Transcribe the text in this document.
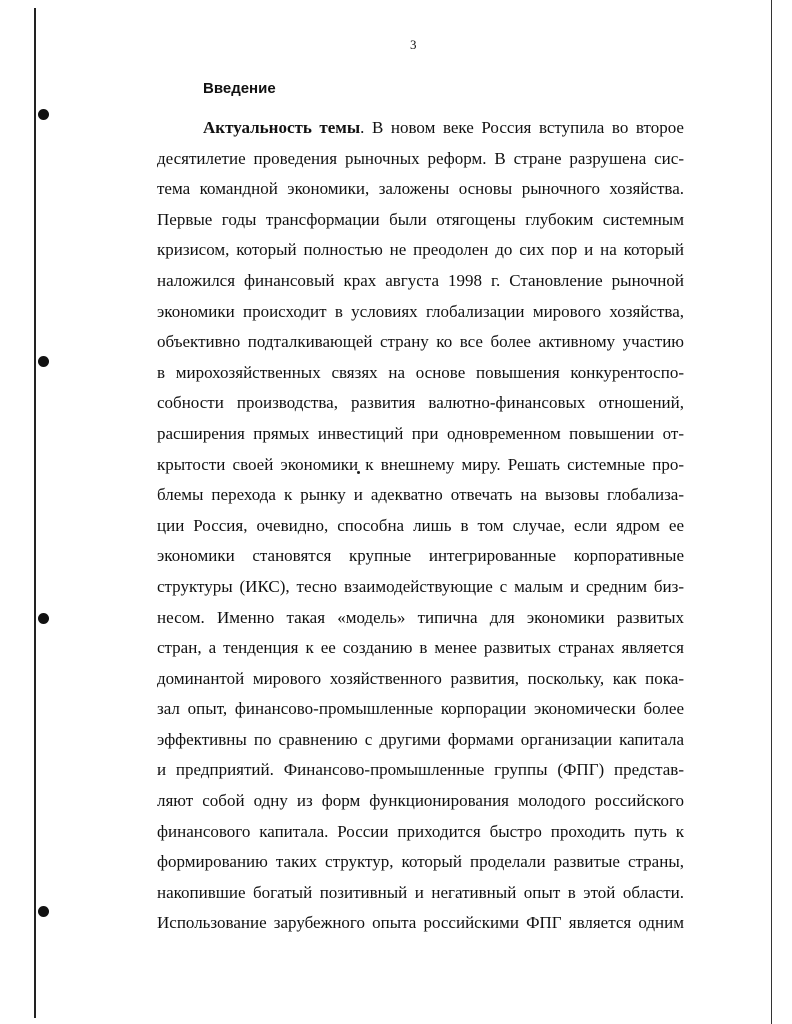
3
Введение
Актуальность темы. В новом веке Россия вступила во второе
десятилетие проведения рыночных реформ. В стране разрушена сис-
тема командной экономики, заложены основы рыночного хозяйства.
Первые годы трансформации были отягощены глубоким системным
кризисом, который полностью не преодолен до сих пор и на который
наложился финансовый крах августа 1998 г. Становление рыночной
экономики происходит в условиях глобализации мирового хозяйства,
объективно подталкивающей страну ко все более активному участию
в мирохозяйственных связях на основе повышения конкурентоспо-
собности производства, развития валютно-финансовых отношений,
расширения прямых инвестиций при одновременном повышении от-
крытости своей экономики к внешнему миру. Решать системные про-
блемы перехода к рынку и адекватно отвечать на вызовы глобализа-
ции Россия, очевидно, способна лишь в том случае, если ядром ее
экономики становятся крупные интегрированные корпоративные
структуры (ИКС), тесно взаимодействующие с малым и средним биз-
несом. Именно такая «модель» типична для экономики развитых
стран, а тенденция к ее созданию в менее развитых странах является
доминантой мирового хозяйственного развития, поскольку, как пока-
зал опыт, финансово-промышленные корпорации экономически более
эффективны по сравнению с другими формами организации капитала
и предприятий. Финансово-промышленные группы (ФПГ) представ-
ляют собой одну из форм функционирования молодого российского
финансового капитала. России приходится быстро проходить путь к
формированию таких структур, который проделали развитые страны,
накопившие богатый позитивный и негативный опыт в этой области.
Использование зарубежного опыта российскими ФПГ является одним
